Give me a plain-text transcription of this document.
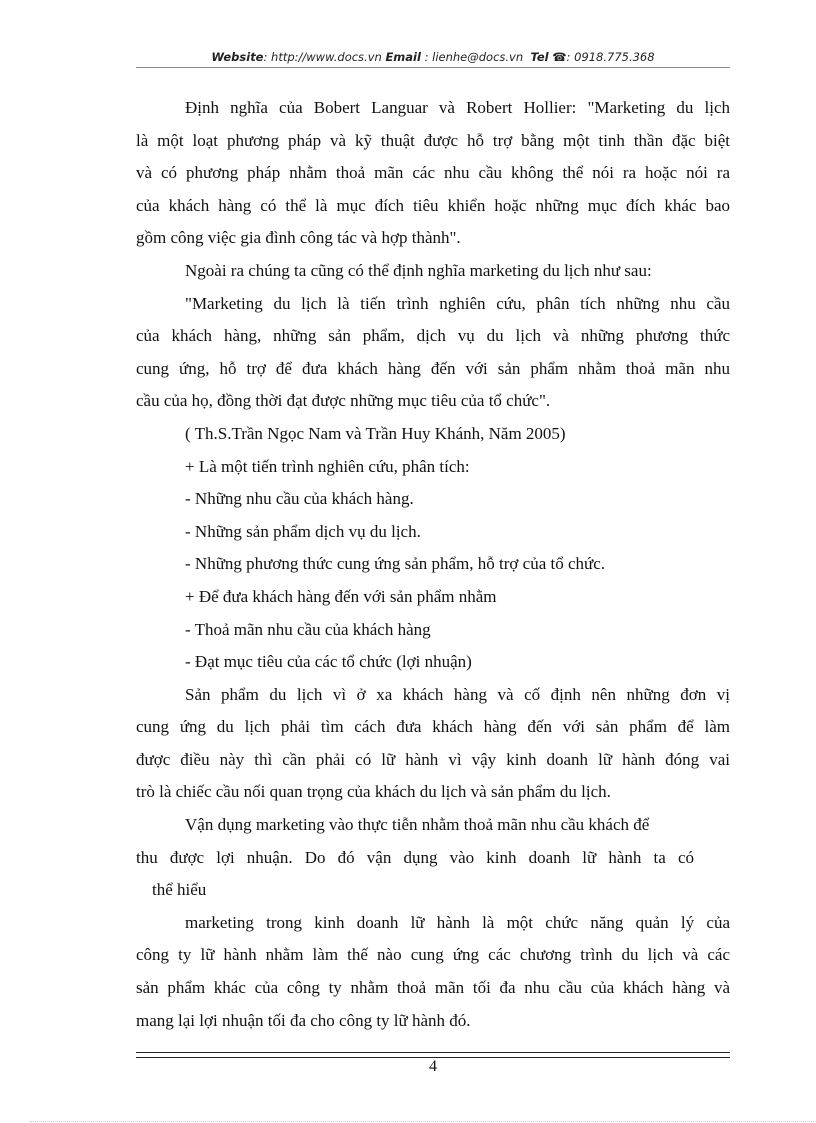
Website: http://www.docs.vn Email : lienhe@docs.vn Tel ☎: 0918.775.368
Định nghĩa của Bobert Languar và Robert Hollier: "Marketing du lịch
là một loạt phương pháp và kỹ thuật được hỗ trợ bằng một tinh thần đặc biệt
và có phương pháp nhằm thoả mãn các nhu cầu không thể nói ra hoặc nói ra
của khách hàng có thể là mục đích tiêu khiển hoặc những mục đích khác bao
gồm công việc gia đình công tác và hợp thành".
Ngoài ra chúng ta cũng có thể định nghĩa marketing du lịch như sau:
"Marketing du lịch là tiến trình nghiên cứu, phân tích những nhu cầu
của khách hàng, những sản phẩm, dịch vụ du lịch và những phương thức
cung ứng, hỗ trợ để đưa khách hàng đến với sản phẩm nhằm thoả mãn nhu
cầu của họ, đồng thời đạt được những mục tiêu của tổ chức".
( Th.S.Trần Ngọc Nam và Trần Huy Khánh, Năm 2005)
+ Là một tiến trình nghiên cứu, phân tích:
- Những nhu cầu của khách hàng.
- Những sản phẩm dịch vụ du lịch.
- Những phương thức cung ứng sản phẩm, hỗ trợ của tổ chức.
+ Để đưa khách hàng đến với sản phẩm nhằm
- Thoả mãn nhu cầu của khách hàng
- Đạt mục tiêu của các tổ chức (lợi nhuận)
Sản phẩm du lịch vì ở xa khách hàng và cố định nên những đơn vị
cung ứng du lịch phải tìm cách đưa khách hàng đến với sản phẩm để làm
được điều này thì cần phải có lữ hành vì vậy kinh doanh lữ hành đóng vai
trò là chiếc cầu nối quan trọng của khách du lịch và sản phẩm du lịch.
Vận dụng marketing vào thực tiễn nhằm thoả mãn nhu cầu khách để
thu được lợi nhuận. Do đó vận dụng vào kinh doanh lữ hành ta có
thể hiểu
marketing trong kinh doanh lữ hành là một chức năng quản lý của
công ty lữ hành nhằm làm thế nào cung ứng các chương trình du lịch và các
sản phẩm khác của công ty nhằm thoả mãn tối đa nhu cầu của khách hàng và
mang lại lợi nhuận tối đa cho công ty lữ hành đó.
4
